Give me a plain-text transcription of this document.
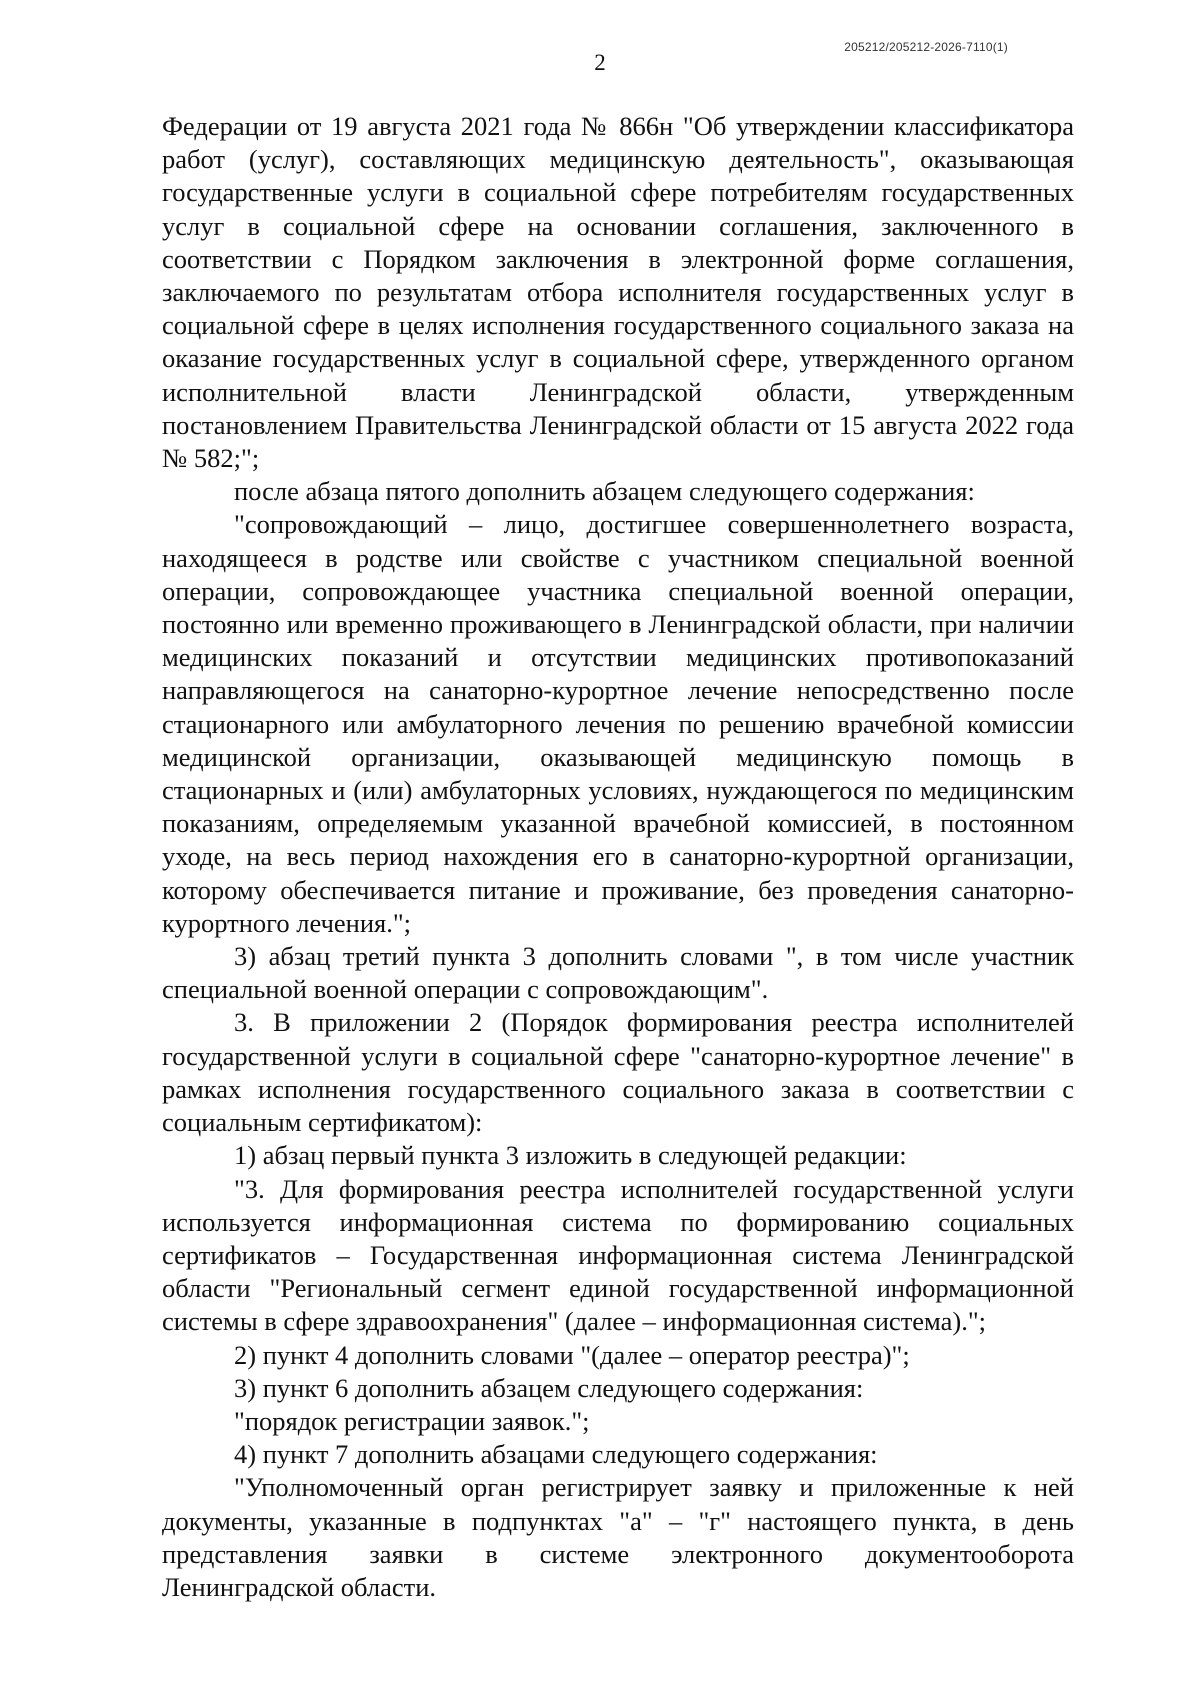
205212/205212-2026-7110(1)
2

Федерации от 19 августа 2021 года № 866н "Об утверждении классификатора работ (услуг), составляющих медицинскую деятельность", оказывающая государственные услуги в социальной сфере потребителям государственных услуг в социальной сфере на основании соглашения, заключенного в соответствии с Порядком заключения в электронной форме соглашения, заключаемого по результатам отбора исполнителя государственных услуг в социальной сфере в целях исполнения государственного социального заказа на оказание государственных услуг в социальной сфере, утвержденного органом исполнительной власти Ленинградской области, утвержденным постановлением Правительства Ленинградской области от 15 августа 2022 года № 582;";

после абзаца пятого дополнить абзацем следующего содержания:

"сопровождающий – лицо, достигшее совершеннолетнего возраста, находящееся в родстве или свойстве с участником специальной военной операции, сопровождающее участника специальной военной операции, постоянно или временно проживающего в Ленинградской области, при наличии медицинских показаний и отсутствии медицинских противопоказаний направляющегося на санаторно-курортное лечение непосредственно после стационарного или амбулаторного лечения по решению врачебной комиссии медицинской организации, оказывающей медицинскую помощь в стационарных и (или) амбулаторных условиях, нуждающегося по медицинским показаниям, определяемым указанной врачебной комиссией, в постоянном уходе, на весь период нахождения его в санаторно-курортной организации, которому обеспечивается питание и проживание, без проведения санаторно-курортного лечения.";

3) абзац третий пункта 3 дополнить словами ", в том числе участник специальной военной операции с сопровождающим".

3. В приложении 2 (Порядок формирования реестра исполнителей государственной услуги в социальной сфере "санаторно-курортное лечение" в рамках исполнения государственного социального заказа в соответствии с социальным сертификатом):

1) абзац первый пункта 3 изложить в следующей редакции:

"3. Для формирования реестра исполнителей государственной услуги используется информационная система по формированию социальных сертификатов – Государственная информационная система Ленинградской области "Региональный сегмент единой государственной информационной системы в сфере здравоохранения" (далее – информационная система).";

2) пункт 4 дополнить словами "(далее – оператор реестра)";

3) пункт 6 дополнить абзацем следующего содержания:

"порядок регистрации заявок.";

4) пункт 7 дополнить абзацами следующего содержания:

"Уполномоченный орган регистрирует заявку и приложенные к ней документы, указанные в подпунктах "а" – "г" настоящего пункта, в день представления заявки в системе электронного документооборота Ленинградской области.
